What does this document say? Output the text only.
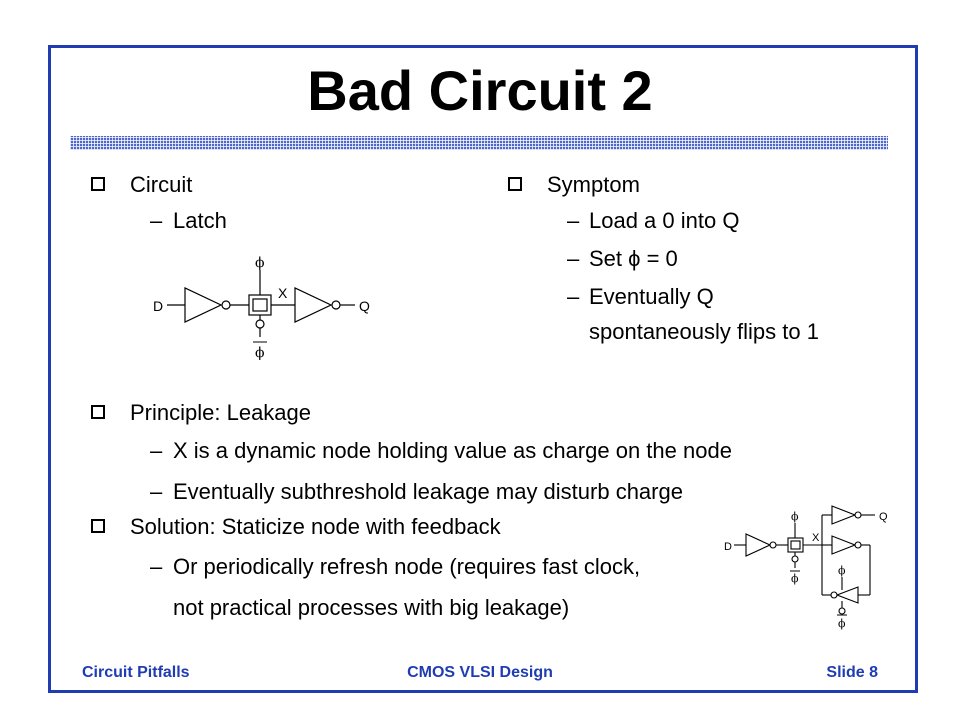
Bad Circuit 2
Circuit
– Latch
Symptom
– Load a 0 into Q
– Set ϕ = 0
– Eventually Q
spontaneously flips to 1
Principle: Leakage
– X is a dynamic node holding value as charge on the node
– Eventually subthreshold leakage may disturb charge
Solution: Staticize node with feedback
– Or periodically refresh node (requires fast clock,
not practical processes with big leakage)
D	Q
X
ϕ
ϕ
D
Q
X
ϕ
ϕ
ϕ
ϕ
Circuit Pitfalls	CMOS VLSI Design	Slide 8
